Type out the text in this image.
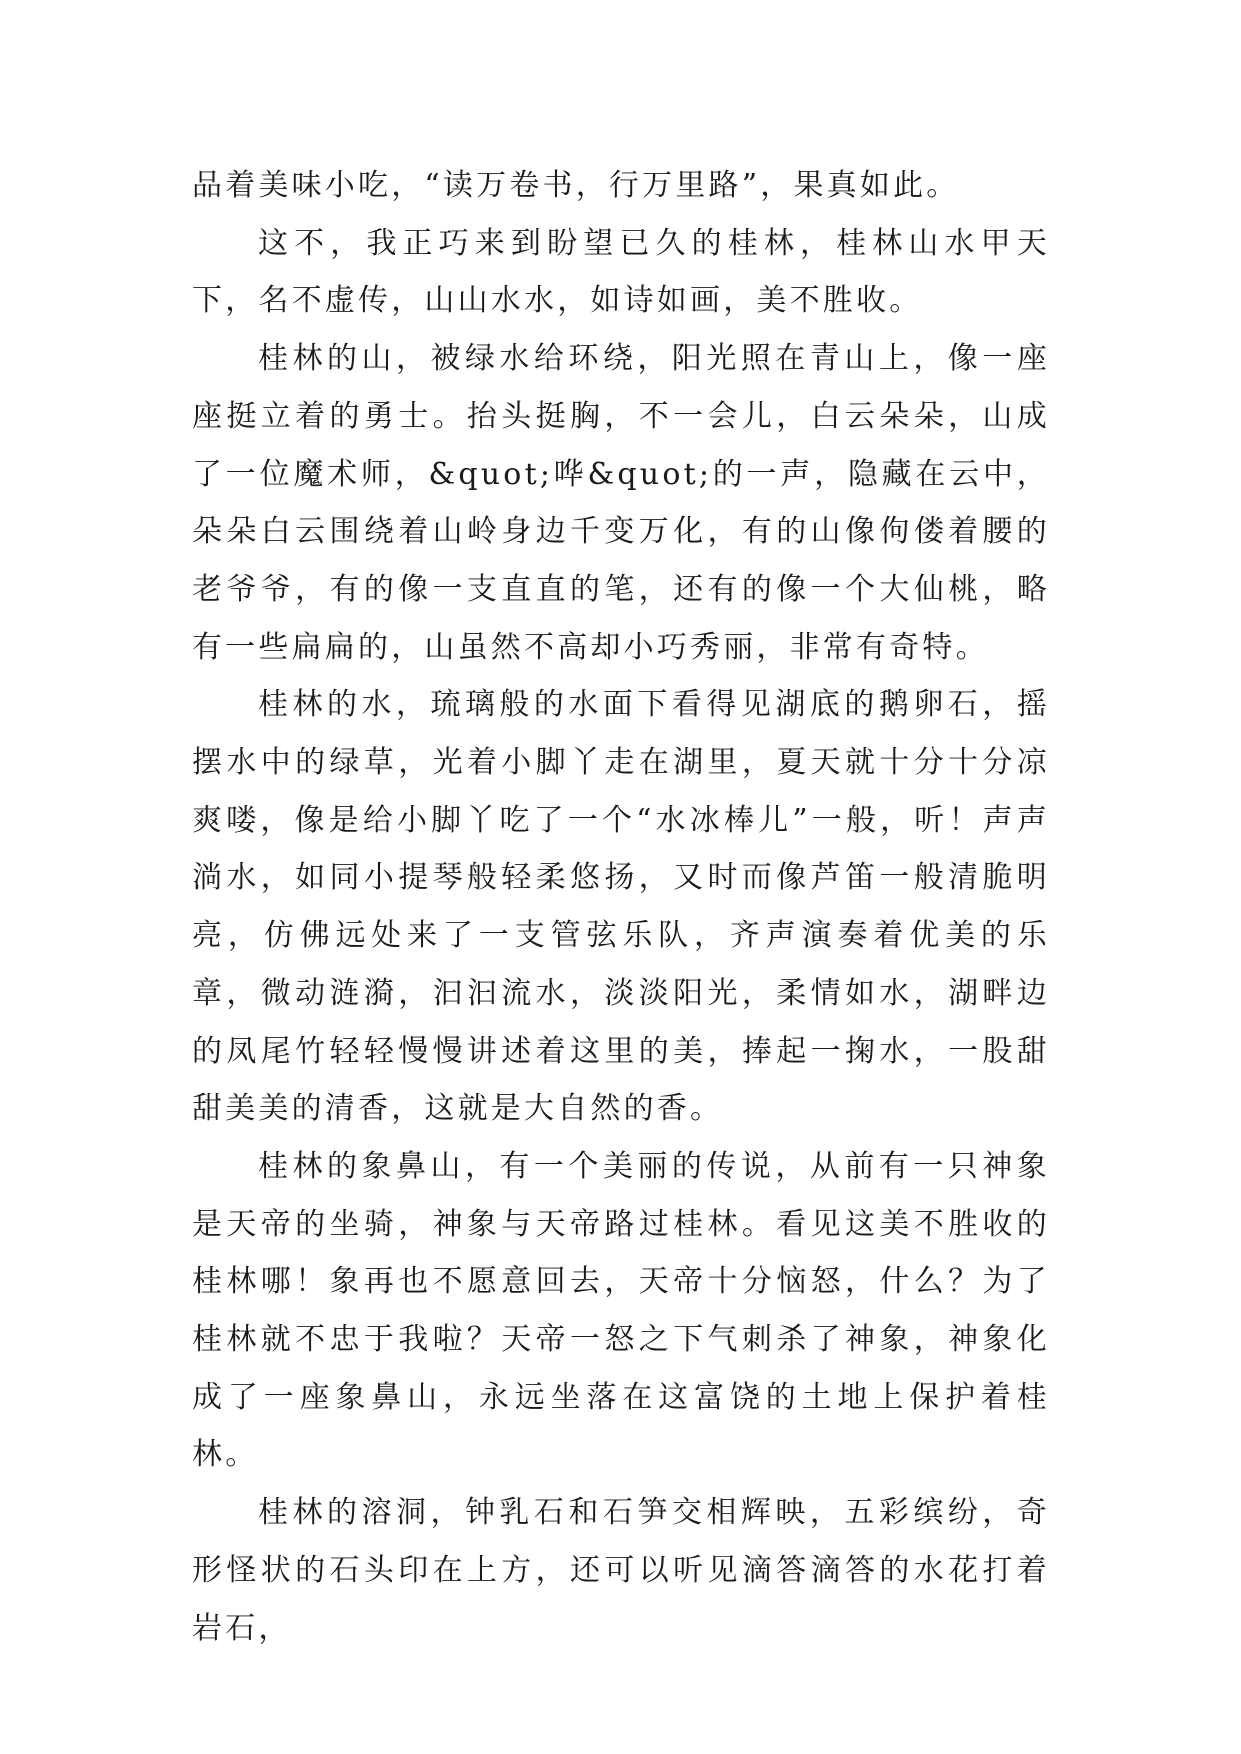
品着美味小吃，“读万卷书，行万里路”，果真如此。

这不，我正巧来到盼望已久的桂林，桂林山水甲天下，名不虚传，山山水水，如诗如画，美不胜收。

桂林的山，被绿水给环绕，阳光照在青山上，像一座座挺立着的勇士。抬头挺胸，不一会儿，白云朵朵，山成了一位魔术师，&quot;哗&quot;的一声，隐藏在云中，朵朵白云围绕着山岭身边千变万化，有的山像佝偻着腰的老爷爷，有的像一支直直的笔，还有的像一个大仙桃，略有一些扁扁的，山虽然不高却小巧秀丽，非常有奇特。

桂林的水，琉璃般的水面下看得见湖底的鹅卵石，摇摆水中的绿草，光着小脚丫走在湖里，夏天就十分十分凉爽喽，像是给小脚丫吃了一个“水冰棒儿”一般，听！声声淌水，如同小提琴般轻柔悠扬，又时而像芦笛一般清脆明亮，仿佛远处来了一支管弦乐队，齐声演奏着优美的乐章，微动涟漪，汩汩流水，淡淡阳光，柔情如水，湖畔边的凤尾竹轻轻慢慢讲述着这里的美，捧起一掬水，一股甜甜美美的清香，这就是大自然的香。

桂林的象鼻山，有一个美丽的传说，从前有一只神象是天帝的坐骑，神象与天帝路过桂林。看见这美不胜收的桂林哪！象再也不愿意回去，天帝十分恼怒，什么？为了桂林就不忠于我啦？天帝一怒之下气刺杀了神象，神象化成了一座象鼻山，永远坐落在这富饶的土地上保护着桂林。

桂林的溶洞，钟乳石和石笋交相辉映，五彩缤纷，奇形怪状的石头印在上方，还可以听见滴答滴答的水花打着岩石，
